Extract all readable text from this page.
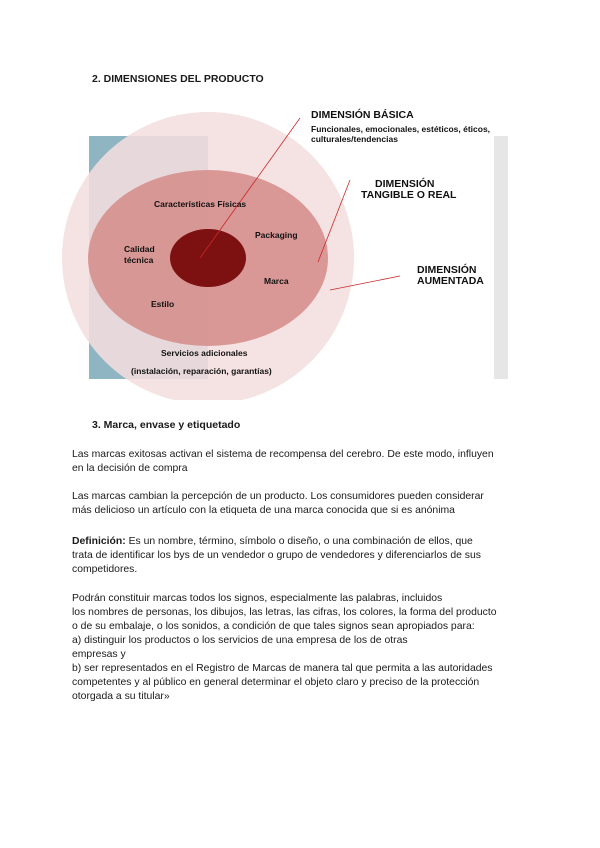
2. DIMENSIONES DEL PRODUCTO
DIMENSIÓN BÁSICA
Funcionales, emocionales, estéticos, éticos,
culturales/tendencias
DIMENSIÓN
TANGIBLE O REAL
DIMENSIÓN
AUMENTADA
Características Físicas
Packaging
Calidad
técnica
Marca
Estilo
Servicios adicionales
(instalación, reparación, garantías)
3. Marca, envase y etiquetado
Las marcas exitosas activan el sistema de recompensa del cerebro. De este modo, influyen
en la decisión de compra
Las marcas cambian la percepción de un producto. Los consumidores pueden considerar
más delicioso un artículo con la etiqueta de una marca conocida que si es anónima
Definición: Es un nombre, término, símbolo o diseño, o una combinación de ellos, que
trata de identificar los bys de un vendedor o grupo de vendedores y diferenciarlos de sus
competidores.
Podrán constituir marcas todos los signos, especialmente las palabras, incluidos
los nombres de personas, los dibujos, las letras, las cifras, los colores, la forma del producto
o de su embalaje, o los sonidos, a condición de que tales signos sean apropiados para:
a) distinguir los productos o los servicios de una empresa de los de otras
empresas y
b) ser representados en el Registro de Marcas de manera tal que permita a las autoridades
competentes y al público en general determinar el objeto claro y preciso de la protección
otorgada a su titular»
